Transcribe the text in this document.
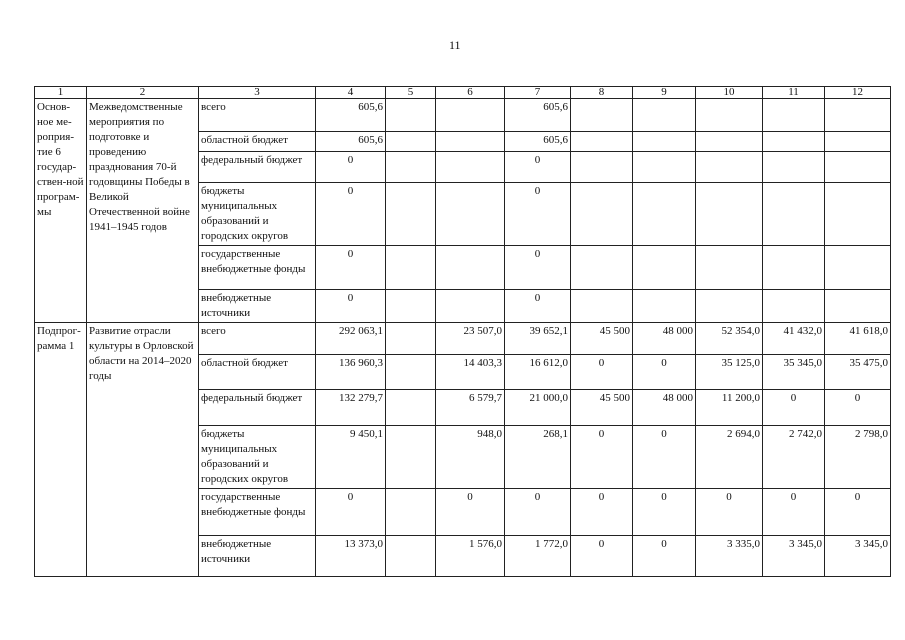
11
1	2	3	4	5	6	7	8	9	10	11	12
Основ-ное ме-роприя-тие 6 государ-ствен-ной програм-мы	Межведомственные мероприятия по подготовке и проведению празднования 70-й годовщины Победы в Великой Отечественной войне 1941–1945 годов	всего	605,6			605,6					
		областной бюджет	605,6			605,6					
		федеральный бюджет	0			0					
		бюджеты муниципальных образований и городских округов	0			0					
		государственные внебюджетные фонды	0			0					
		внебюджетные источники	0			0					
Подпрог-рамма 1	Развитие отрасли культуры в Орловской области на 2014–2020 годы	всего	292 063,1		23 507,0	39 652,1	45 500	48 000	52 354,0	41 432,0	41 618,0
		областной бюджет	136 960,3		14 403,3	16 612,0	0	0	35 125,0	35 345,0	35 475,0
		федеральный бюджет	132 279,7		6 579,7	21 000,0	45 500	48 000	11 200,0	0	0
		бюджеты муниципальных образований и городских округов	9 450,1		948,0	268,1	0	0	2 694,0	2 742,0	2 798,0
		государственные внебюджетные фонды	0		0	0	0	0	0	0	0
		внебюджетные источники	13 373,0		1 576,0	1 772,0	0	0	3 335,0	3 345,0	3 345,0
